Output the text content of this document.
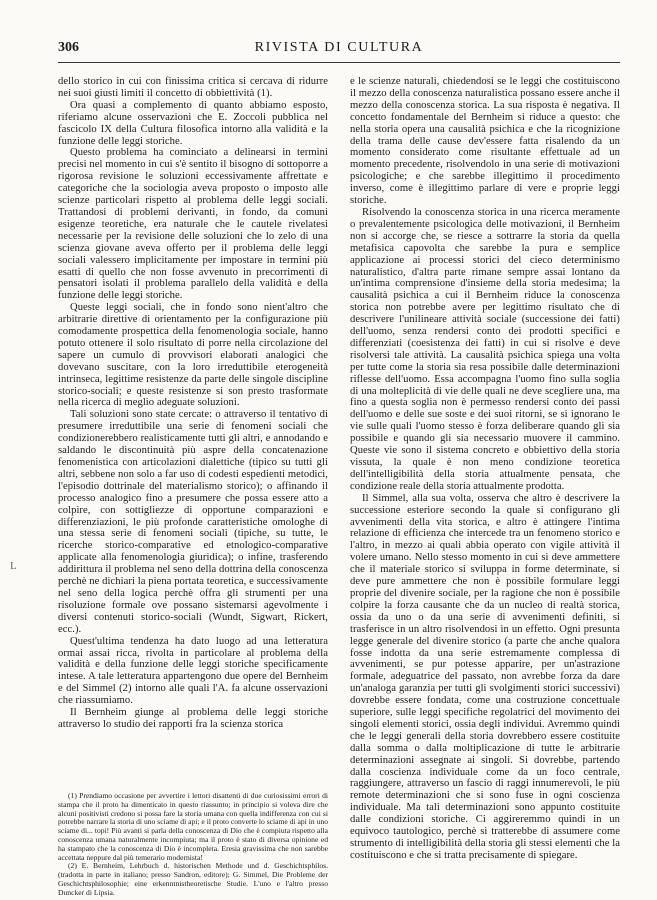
306	RIVISTA DI CULTURA

dello storico in cui con finissima critica si cercava di ridurre nei suoi giusti limiti il concetto di obbiettività (1).

Ora quasi a complemento di quanto abbiamo esposto, riferiamo alcune osservazioni che E. Zoccoli pubblica nel fascicolo IX della Cultura filosofica intorno alla validità e la funzione delle leggi storiche.

Questo problema ha cominciato a delinearsi in termini precisi nel momento in cui s'è sentito il bisogno di sottoporre a rigorosa revisione le soluzioni eccessivamente affrettate e categoriche che la sociologia aveva proposto o imposto alle scienze particolari rispetto al problema delle leggi sociali. Trattandosi di problemi derivanti, in fondo, da comuni esigenze teoretiche, era naturale che le cautele rivelatesi necessarie per la revisione delle soluzioni che lo zelo di una scienza giovane aveva offerto per il problema delle leggi sociali valessero implicitamente per impostare in termini più esatti di quello che non fosse avvenuto in precorrimenti di pensatori isolati il problema parallelo della validità e della funzione delle leggi storiche.

Queste leggi sociali, che in fondo sono nient'altro che arbitrarie direttive di orientamento per la configurazione più comodamente prospettica della fenomenologia sociale, hanno potuto ottenere il solo risultato di porre nella circolazione del sapere un cumulo di provvisori elaborati analogici che dovevano suscitare, con la loro irreduttibile eterogeneità intrinseca, legittime resistenze da parte delle singole discipline storico-sociali; e queste resistenze si son presto trasformate nella ricerca di meglio adeguate soluzioni.

Tali soluzioni sono state cercate: o attraverso il tentativo di presumere irreduttibile una serie di fenomeni sociali che condizionerebbero realisticamente tutti gli altri, e annodando e saldando le discontinuità più aspre della concatenazione fenomenistica con articolazioni dialettiche (tipico su tutti gli altri, sebbene non solo a far uso di codesti espedienti metodici, l'episodio dottrinale del materialismo storico); o affinando il processo analogico fino a presumere che possa essere atto a colpire, con sottigliezze di opportune comparazioni e differenziazioni, le più profonde caratteristiche omologhe di una stessa serie di fenomeni sociali (tipiche, su tutte, le ricerche storico-comparative ed etnologico-comparative applicate alla fenomenologia giuridica); o infine, trasferendo addirittura il problema nel seno della dottrina della conoscenza perchè ne dichiari la piena portata teoretica, e successivamente nel seno della logica perchè offra gli strumenti per una risoluzione formale ove possano sistemarsi agevolmente i diversi contenuti storico-sociali (Wundt, Sigwart, Rickert, ecc.).

Quest'ultima tendenza ha dato luogo ad una letteratura ormai assai ricca, rivolta in particolare al problema della validità e della funzione delle leggi storiche specificamente intese. A tale letteratura appartengono due opere del Bernheim e del Simmel (2) intorno alle quali l'A. fa alcune osservazioni che riassumiamo.

Il Bernheim giunge al problema delle leggi storiche attraverso lo studio dei rapporti fra la scienza storica

(1) Prendiamo occasione per avvertire i lettori disattenti di due curiosissimi errori di stampa che il proto ha dimenticato in questo riassunto; in principio si voleva dire che alcuni positivisti credono si possa fare la storia umana con quella indifferenza con cui si potrebbe narrare la storia di uno sciame di api; e il proto converte lo sciame di api in uno sciame di... topi! Più avanti si parla della conoscenza di Dio che è compiuta rispetto alla conoscenza umana naturalmente incompiuta; ma il proto è stato di diversa opinione ed ha stampato che la conoscenza di Dio è incompleta. Eresia gravissima che non sarebbe accettata neppure dal più temerario modernista!

(2) E. Bernheim, Lehrbuch d. historischen Methode und d. Geschichtsphilos. (tradotta in parte in italiano; presso Sandron, editore); G. Simmel, Die Probleme der Geschichtsphilosophie; eine erkenntnistheoretische Studie. L'uno e l'altro presso Duncker di Lipsia.

e le scienze naturali, chiedendosi se le leggi che costituiscono il mezzo della conoscenza naturalistica possano essere anche il mezzo della conoscenza storica. La sua risposta è negativa. Il concetto fondamentale del Bernheim si riduce a questo: che nella storia opera una causalità psichica e che la ricognizione della trama delle cause dev'essere fatta risalendo da un momento considerato come risultante effettuale ad un momento precedente, risolvendolo in una serie di motivazioni psicologiche; e che sarebbe illegittimo il procedimento inverso, come è illegittimo parlare di vere e proprie leggi storiche.

Risolvendo la conoscenza storica in una ricerca meramente o prevalentemente psicologica delle motivazioni, il Bernheim non si accorge che, se riesce a sottrarre la storia da quella metafisica capovolta che sarebbe la pura e semplice applicazione ai processi storici del cieco determinismo naturalistico, d'altra parte rimane sempre assai lontano da un'intima comprensione d'insieme della storia medesima; la causalità psichica a cui il Bernheim riduce la conoscenza storica non potrebbe avere per legittimo risultato che di descrivere l'unilineare attività sociale (successione dei fatti) dell'uomo, senza rendersi conto dei prodotti specifici e differenziati (coesistenza dei fatti) in cui si risolve e deve risolversi tale attività. La causalità psichica spiega una volta per tutte come la storia sia resa possibile dalle determinazioni riflesse dell'uomo. Essa accompagna l'uomo fino sulla soglia di una molteplicità di vie delle quali ne deve scegliere una, ma fino a questa soglia non è permesso rendersi conto dei passi dell'uomo e delle sue soste e dei suoi ritorni, se si ignorano le vie sulle quali l'uomo stesso è forza deliberare quando gli sia possibile e quando gli sia necessario muovere il cammino. Queste vie sono il sistema concreto e obbiettivo della storia vissuta, la quale è non meno condizione teoretica dell'intelligibilità della storia attualmente pensata, che condizione reale della storia attualmente prodotta.

Il Simmel, alla sua volta, osserva che altro è descrivere la successione esteriore secondo la quale si configurano gli avvenimenti della vita storica, e altro è attingere l'intima relazione di efficienza che intercede tra un fenomeno storico e l'altro, in mezzo ai quali abbia operato con vigile attività il volere umano. Nello stesso momento in cui si deve ammettere che il materiale storico si sviluppa in forme determinate, si deve pure ammettere che non è possibile formulare leggi proprie del divenire sociale, per la ragione che non è possibile colpire la forza causante che da un nucleo di realtà storica, ossia da uno o da una serie di avvenimenti definiti, si trasferisce in un altro risolvendosi in un effetto. Ogni presunta legge generale del divenire storico (a parte che anche qualora fosse indotta da una serie estremamente complessa di avvenimenti, se pur potesse apparire, per un'astrazione formale, adeguatrice del passato, non avrebbe forza da dare un'analoga garanzia per tutti gli svolgimenti storici successivi) dovrebbe essere fondata, come una costruzione concettuale superiore, sulle leggi specifiche regolatrici del movimento dei singoli elementi storici, ossia degli individui. Avremmo quindi che le leggi generali della storia dovrebbero essere costituite dalla somma o dalla moltiplicazione di tutte le arbitrarie determinazioni assegnate ai singoli. Si dovrebbe, partendo dalla coscienza individuale come da un foco centrale, raggiungere, attraverso un fascio di raggi innumerevoli, le più remote determinazioni che si sono fuse in ogni coscienza individuale. Ma tali determinazioni sono appunto costituite dalle condizioni storiche. Ci aggireremmo quindi in un equivoco tautologico, perchè si tratterebbe di assumere come strumento di intelligibilità della storia gli stessi elementi che la costituiscono e che si tratta precisamente di spiegare.

L
